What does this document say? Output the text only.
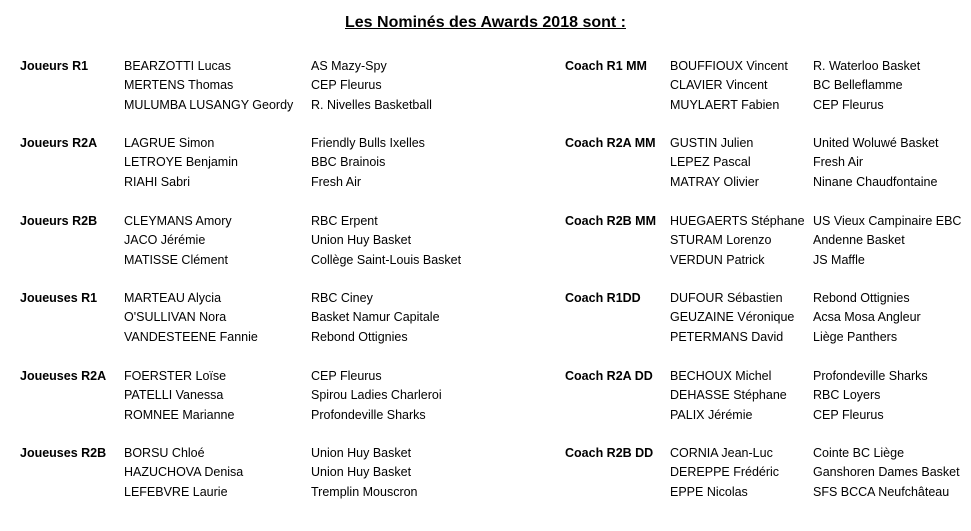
Les Nominés des Awards 2018 sont :
Joueurs R1	BEARZOTTI Lucas
MERTENS Thomas
MULUMBA LUSANGY Geordy
AS Mazy-Spy
CEP Fleurus
R. Nivelles Basketball
Joueurs R2A LAGRUE Simon
LETROYE Benjamin
RIAHI Sabri
Friendly Bulls Ixelles
BBC Brainois
Fresh Air
Joueurs R2B CLEYMANS Amory
JACO Jérémie
MATISSE Clément
RBC Erpent
Union Huy Basket
Collège Saint-Louis Basket
Joueuses R1 MARTEAU Alycia
O'SULLIVAN Nora
VANDESTEENE Fannie
RBC Ciney
Basket Namur Capitale
Rebond Ottignies
Joueuses R2A FOERSTER Loïse
PATELLI Vanessa
ROMNEE Marianne
CEP Fleurus
Spirou Ladies Charleroi
Profondeville Sharks
Joueuses R2B BORSU Chloé
HAZUCHOVA Denisa
LEFEBVRE Laurie
Union Huy Basket
Union Huy Basket
Tremplin Mouscron
Coach R1 MM BOUFFIOUX Vincent
CLAVIER Vincent
MUYLAERT Fabien
R. Waterloo Basket
BC Belleflamme
CEP Fleurus
Coach R2A MM GUSTIN Julien
LEPEZ Pascal
MATRAY Olivier
United Woluwé Basket
Fresh Air
Ninane Chaudfontaine
Coach R2B MM HUEGAERTS Stéphane
STURAM Lorenzo
VERDUN Patrick
US Vieux Campinaire EBC
Andenne Basket
JS Maffle
Coach R1DD DUFOUR Sébastien
GEUZAINE Véronique
PETERMANS David
Rebond Ottignies
Acsa Mosa Angleur
Liège Panthers
Coach R2A DD BECHOUX Michel
DEHASSE Stéphane
PALIX Jérémie
Profondeville Sharks
RBC Loyers
CEP Fleurus
Coach R2B DD CORNIA Jean-Luc
DEREPPE Frédéric
EPPE Nicolas
Cointe BC Liège
Ganshoren Dames Basket
SFS BCCA Neufchâteau
